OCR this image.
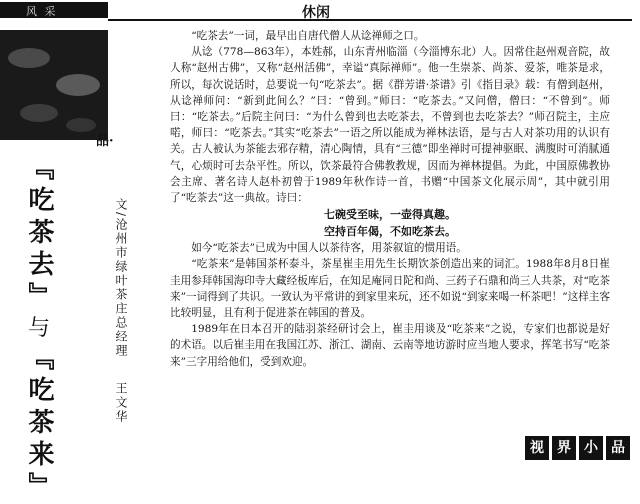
风 采	休闲
品·
『吃茶去』
与
『吃茶来』
文∕沧州市绿叶茶庄总经理王文华

“吃茶去”一词，最早出自唐代僧人从谂禅师之口。

从谂（778—863年），本姓郝，山东青州临淄（今淄博东北）人。因常住赵州观音院，故人称“赵州古佛”，又称“赵州活佛”，幸谥“真际禅师”。他一生崇茶、尚茶、爱茶，唯茶是求，所以，每次说话时，总要说一句“吃茶去”。据《群芳谱·茶谱》引《指目录》载：有僧到赵州，从谂禅师问：“新到此间么？”曰：“曾到。”师曰：“吃茶去。”又问僧，僧曰：“不曾到”。师曰：“吃茶去。”后院主问曰：“为什么曾到也去吃茶去，不曾到也去吃茶去？”师召院主，主应喏，师曰：“吃茶去。”其实“吃茶去”一语之所以能成为禅林法语，是与古人对茶功用的认识有关。古人被认为茶能去邪存精，清心陶情，具有“三德”即坐禅时可提神驱眠、满腹时可消腻通气，心烦时可去杂平性。所以，饮茶最符合佛教教规，因而为禅林提倡。为此，中国原佛教协会主席、著名诗人赵朴初曾于1989年秋作诗一首，书赠“中国茶文化展示周”，其中就引用了“吃茶去”这一典故。诗曰：

七碗受至味，一壶得真趣。

空持百年偈，不如吃茶去。

如今“吃茶去”已成为中国人以茶待客，用茶叙谊的惯用语。

“吃茶来”是韩国茶杯泰斗，茶星崔圭用先生长期饮茶创造出来的词汇。1988年8月8日崔圭用参拜韩国海印寺大藏经板库后，在知足庵同日陀和尚、三药子石鼎和尚三人共茶，对“吃茶来”一词得到了共识。一致认为平常讲的到家里来玩，还不如说“到家来喝一杯茶吧！”这样主客比较明显，且有利于促进茶在韩国的普及。

1989年在日本召开的陆羽茶经研讨会上，崔圭用谈及“吃茶来”之说，专家们也都说是好的术语。以后崔圭用在我国江苏、浙江、湖南、云南等地访游时应当地人要求，挥笔书写“吃茶来”三字用给他们，受到欢迎。

视 界 小 品
